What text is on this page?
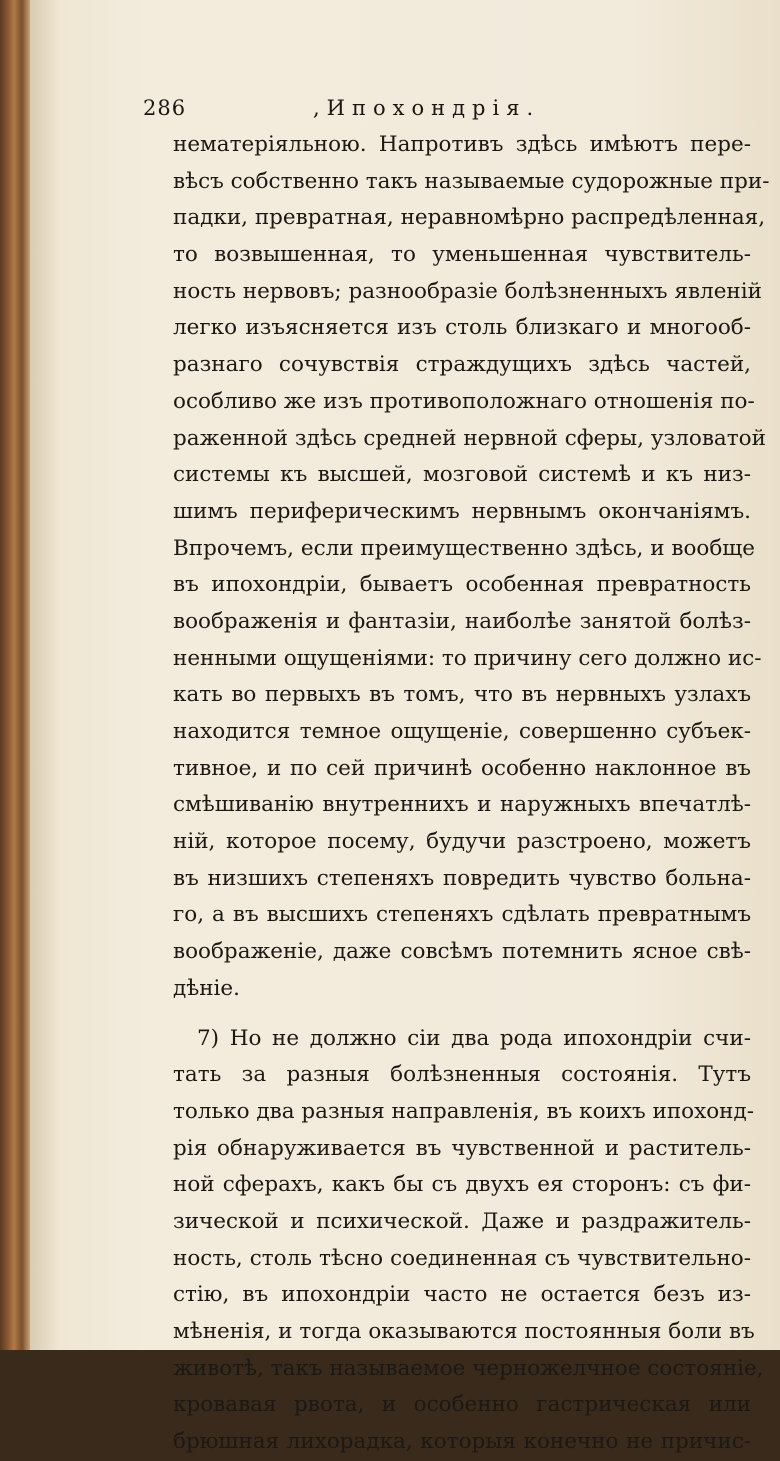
286	,Ипохондрія.
нематеріяльною. Напротивъ здѣсь имѣютъ пере-
вѣсъ собственно такъ называемые судорожные при-
падки, превратная, неравномѣрно распредѣленная,
то возвышенная, то уменьшенная чувствитель-
ность нервовъ; разнообразіе болѣзненныхъ явленій
легко изъясняется изъ столь близкаго и многооб-
разнаго сочувствія страждущихъ здѣсь частей,
особливо же изъ противоположнаго отношенія по-
раженной здѣсь средней нервной сферы, узловатой
системы къ высшей, мозговой системѣ и къ низ-
шимъ периферическимъ нервнымъ окончаніямъ.
Впрочемъ, если преимущественно здѣсь, и вообще
въ ипохондріи, бываетъ особенная превратность
воображенія и фантазіи, наиболѣе занятой болѣз-
ненными ощущеніями: то причину сего должно ис-
кать во первыхъ въ томъ, что въ нервныхъ узлахъ
находится темное ощущеніе, совершенно субъек-
тивное, и по сей причинѣ особенно наклонное въ
смѣшиванію внутреннихъ и наружныхъ впечатлѣ-
ній, которое посему, будучи разстроено, можетъ
въ низшихъ степеняхъ повредить чувство больна-
го, а въ высшихъ степеняхъ сдѣлать превратнымъ
воображеніе, даже совсѣмъ потемнить ясное свѣ-
дѣніе.
7) Но не должно сіи два рода ипохондріи счи-
тать за разныя болѣзненныя состоянія. Тутъ
только два разныя направленія, въ коихъ ипохонд-
рія обнаруживается въ чувственной и раститель-
ной сферахъ, какъ бы съ двухъ ея сторонъ: съ фи-
зической и психической. Даже и раздражитель-
ность, столь тѣсно соединенная съ чувствительно-
стію, въ ипохондріи часто не остается безъ из-
мѣненія, и тогда оказываются постоянныя боли въ
животѣ, такъ называемое черножелчное состояніе,
кровавая рвота, и особенно гастрическая или
брюшная лихорадка, которыя конечно не причис-
